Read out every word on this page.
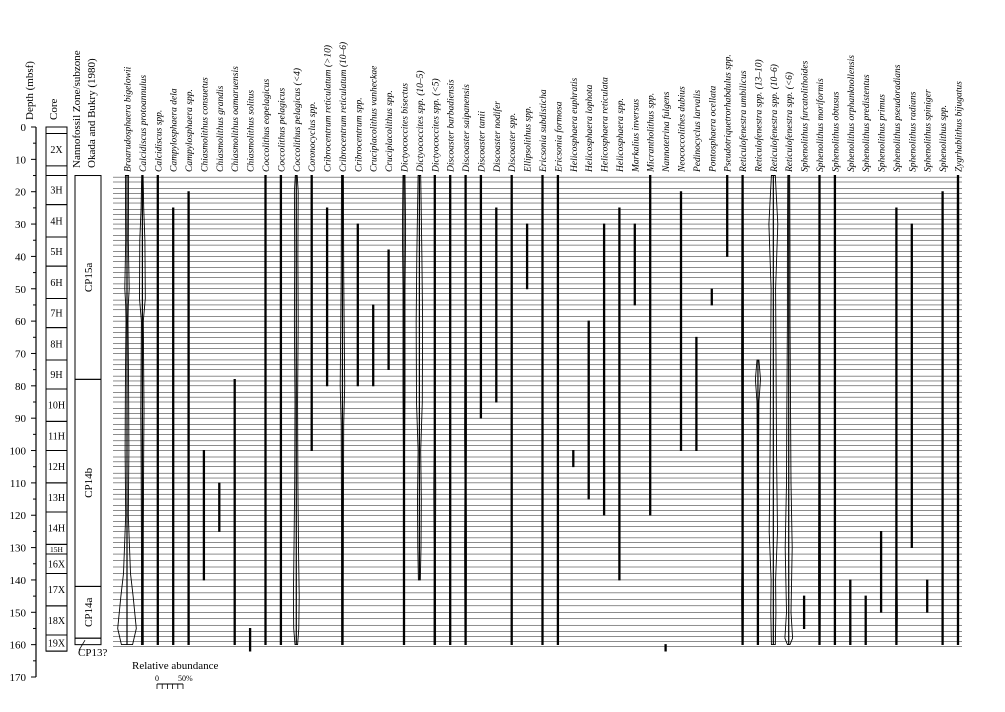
Depth (mbsf)
0
10
20
30
40
50
60
70
80
90
100
110
120
130
140
150
160
170
Core
2X
3H
4H
5H
6H
7H
8H
9H
10H
11H
12H
13H
14H
15H
16X
17X
18X
19X
Nannofossil Zone/subzone Okada and Bukry (1980)
CP15a
CP14b
CP14a
CP13?
Braarudosphaera bigelowii Calcidiscus protoannulus Calcidiscus spp. Campylosphaera dela Campylosphaera spp. Chiasmolithus consuetus Chiasmolithus grandis Chiasmolithus oamaruensis Chiasmolithus solitus Coccolithus eopelagicus Coccolithus pelagicus Coccolithus pelagicus (<4) Coronocyclus spp. Cribrocentrum reticulatum (>10) Cribrocentrum reticulatum (10–6) Cribrocentrum spp. Cruciplacolithus vanheckae Cruciplacolithus spp. Dictyococcites bisectus Dictyococcites spp. (10–5) Dictyococcites spp. (<5) Discoaster barbadiensis Discoaster saipanensis Discoaster tanii Discoaster nodifer Discoaster spp. Ellipsolithus spp. Ericsonia subdisticha Ericsonia formosa Helicosphaera euphratis Helicosphaera lophota Helicosphaera reticulata Helicosphaera spp. Markalius inversus Micrantholithus spp. Nannotetrina fulgens Neococcolithes dubius Pedinocyclus larvalis Pontosphaera ocellata Pseudotriquetrorhabdulus spp. Reticulofenestra umbilicus Reticulofenestra spp. (13–10) Reticulofenestra spp. (10–6) Reticulofenestra spp. (<6) Sphenolithus furcatolithoides Sphenolithus moriformis Sphenolithus obtusus Sphenolithus orphanknollensis Sphenolithus predistentus Sphenolithus primus Sphenolithus pseudoradians Sphenolithus radians Sphenolithus spiniger Sphenolithus spp. Zygrhablithus bijugatus
Relative abundance
0 50%
